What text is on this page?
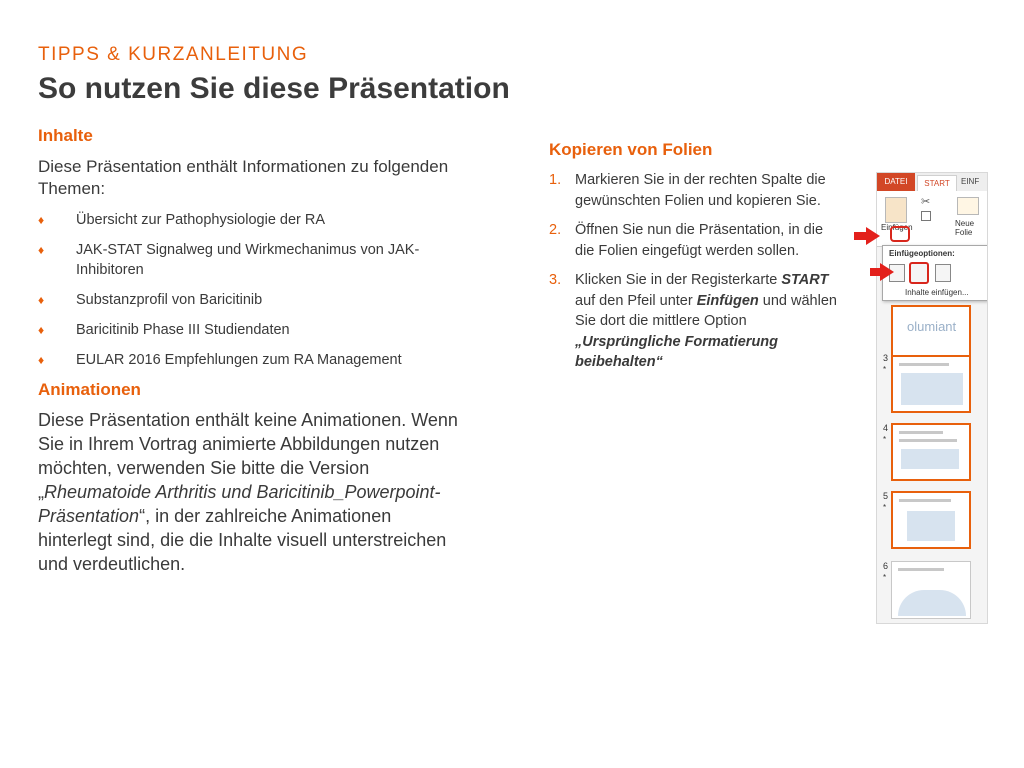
TIPPS & KURZANLEITUNG
So nutzen Sie diese Präsentation
Inhalte

Diese Präsentation enthält Informationen zu folgenden Themen:

♦ Übersicht zur Pathophysiologie der RA
♦ JAK-STAT Signalweg und Wirkmechanimus von JAK-Inhibitoren
♦ Substanzprofil von Baricitinib
♦ Baricitinib Phase III Studiendaten
♦ EULAR 2016 Empfehlungen zum RA Management
Animationen

Diese Präsentation enthält keine Animationen. Wenn Sie in Ihrem Vortrag animierte Abbildungen nutzen möchten, verwenden Sie bitte die Version „Rheumatoide Arthritis und Baricitinib_Powerpoint-Präsentation“, in der zahlreiche Animationen hinterlegt sind, die die Inhalte visuell unterstreichen und verdeutlichen.

Kopieren von Folien
1. Markieren Sie in der rechten Spalte die gewünschten Folien und kopieren Sie.
2. Öffnen Sie nun die Präsentation, in die die Folien eingefügt werden sollen.
3. Klicken Sie in der Registerkarte START auf den Pfeil unter Einfügen und wählen Sie dort die mittlere Option „Ursprüngliche Formatierung beibehalten“
DATEI	START	EINF
Einfügen
✂
Neue Folie
Einfügeoptionen:
Inhalte einfügen...
olumiant
3
*
4
*
5
*
6
*
